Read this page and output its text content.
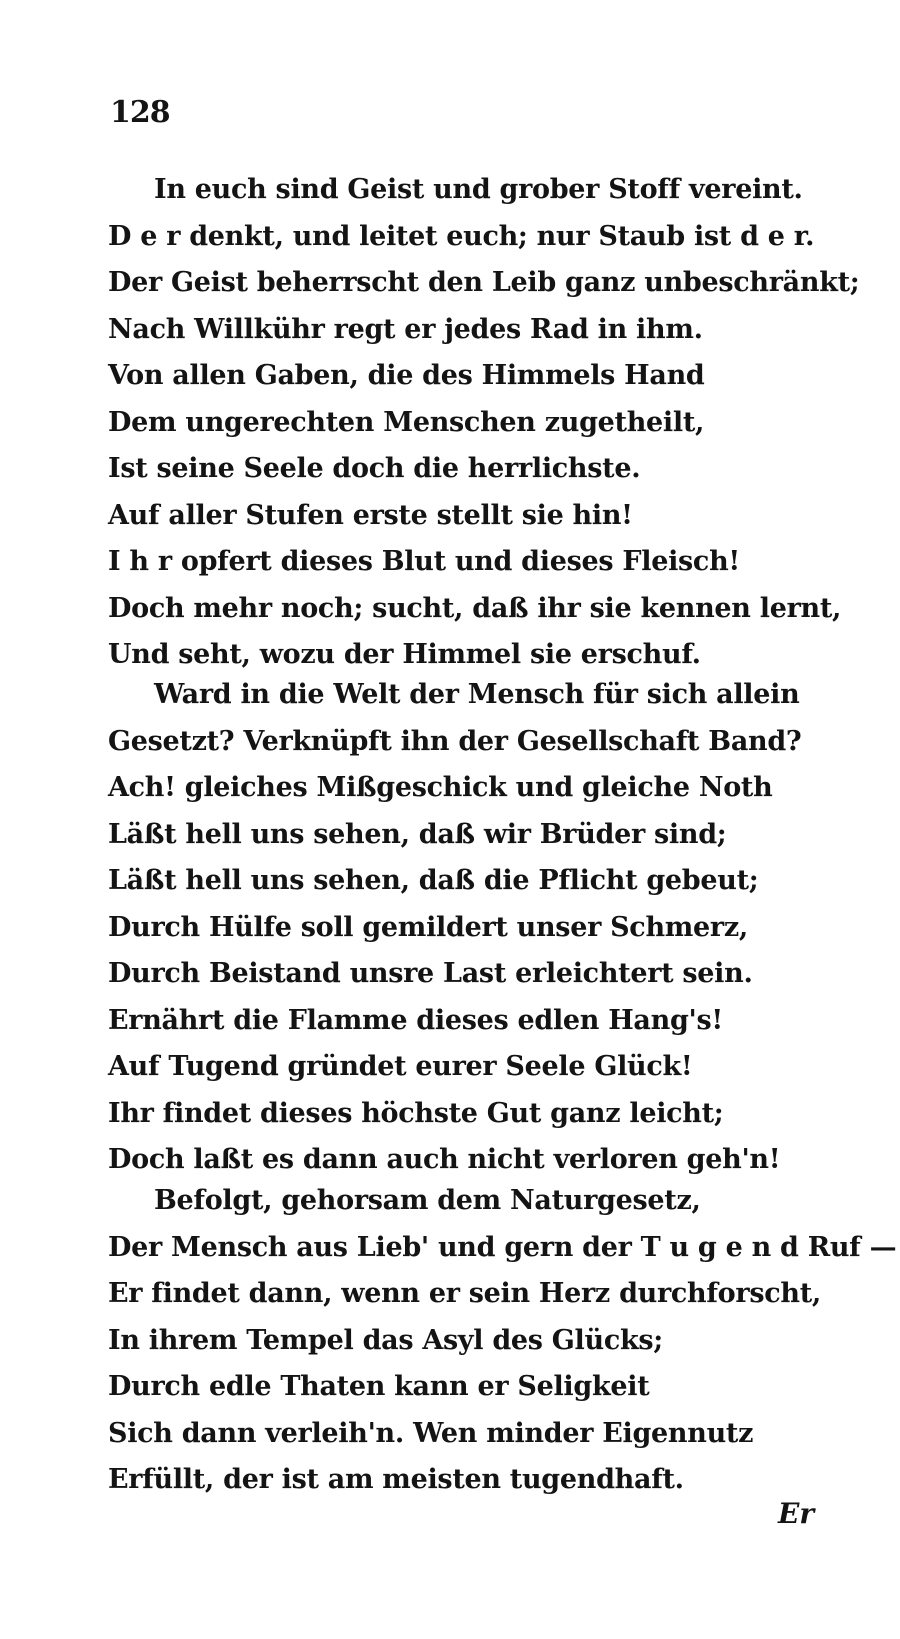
128
In euch sind Geist und grober Stoff vereint.
D e r denkt, und leitet euch; nur Staub ist d e r.
Der Geist beherrscht den Leib ganz unbeschränkt;
Nach Willkühr regt er jedes Rad in ihm.
Von allen Gaben, die des Himmels Hand
Dem ungerechten Menschen zugetheilt,
Ist seine Seele doch die herrlichste.
Auf aller Stufen erste stellt sie hin!
I h r opfert dieses Blut und dieses Fleisch!
Doch mehr noch; sucht, daß ihr sie kennen lernt,
Und seht, wozu der Himmel sie erschuf.
Ward in die Welt der Mensch für sich allein
Gesetzt? Verknüpft ihn der Gesellschaft Band?
Ach! gleiches Mißgeschick und gleiche Noth
Läßt hell uns sehen, daß wir Brüder sind;
Läßt hell uns sehen, daß die Pflicht gebeut;
Durch Hülfe soll gemildert unser Schmerz,
Durch Beistand unsre Last erleichtert sein.
Ernährt die Flamme dieses edlen Hang's!
Auf Tugend gründet eurer Seele Glück!
Ihr findet dieses höchste Gut ganz leicht;
Doch laßt es dann auch nicht verloren geh'n!
Befolgt, gehorsam dem Naturgesetz,
Der Mensch aus Lieb' und gern der T u g e n d Ruf —
Er findet dann, wenn er sein Herz durchforscht,
In ihrem Tempel das Asyl des Glücks;
Durch edle Thaten kann er Seligkeit
Sich dann verleih'n. Wen minder Eigennutz
Erfüllt, der ist am meisten tugendhaft.
Er
